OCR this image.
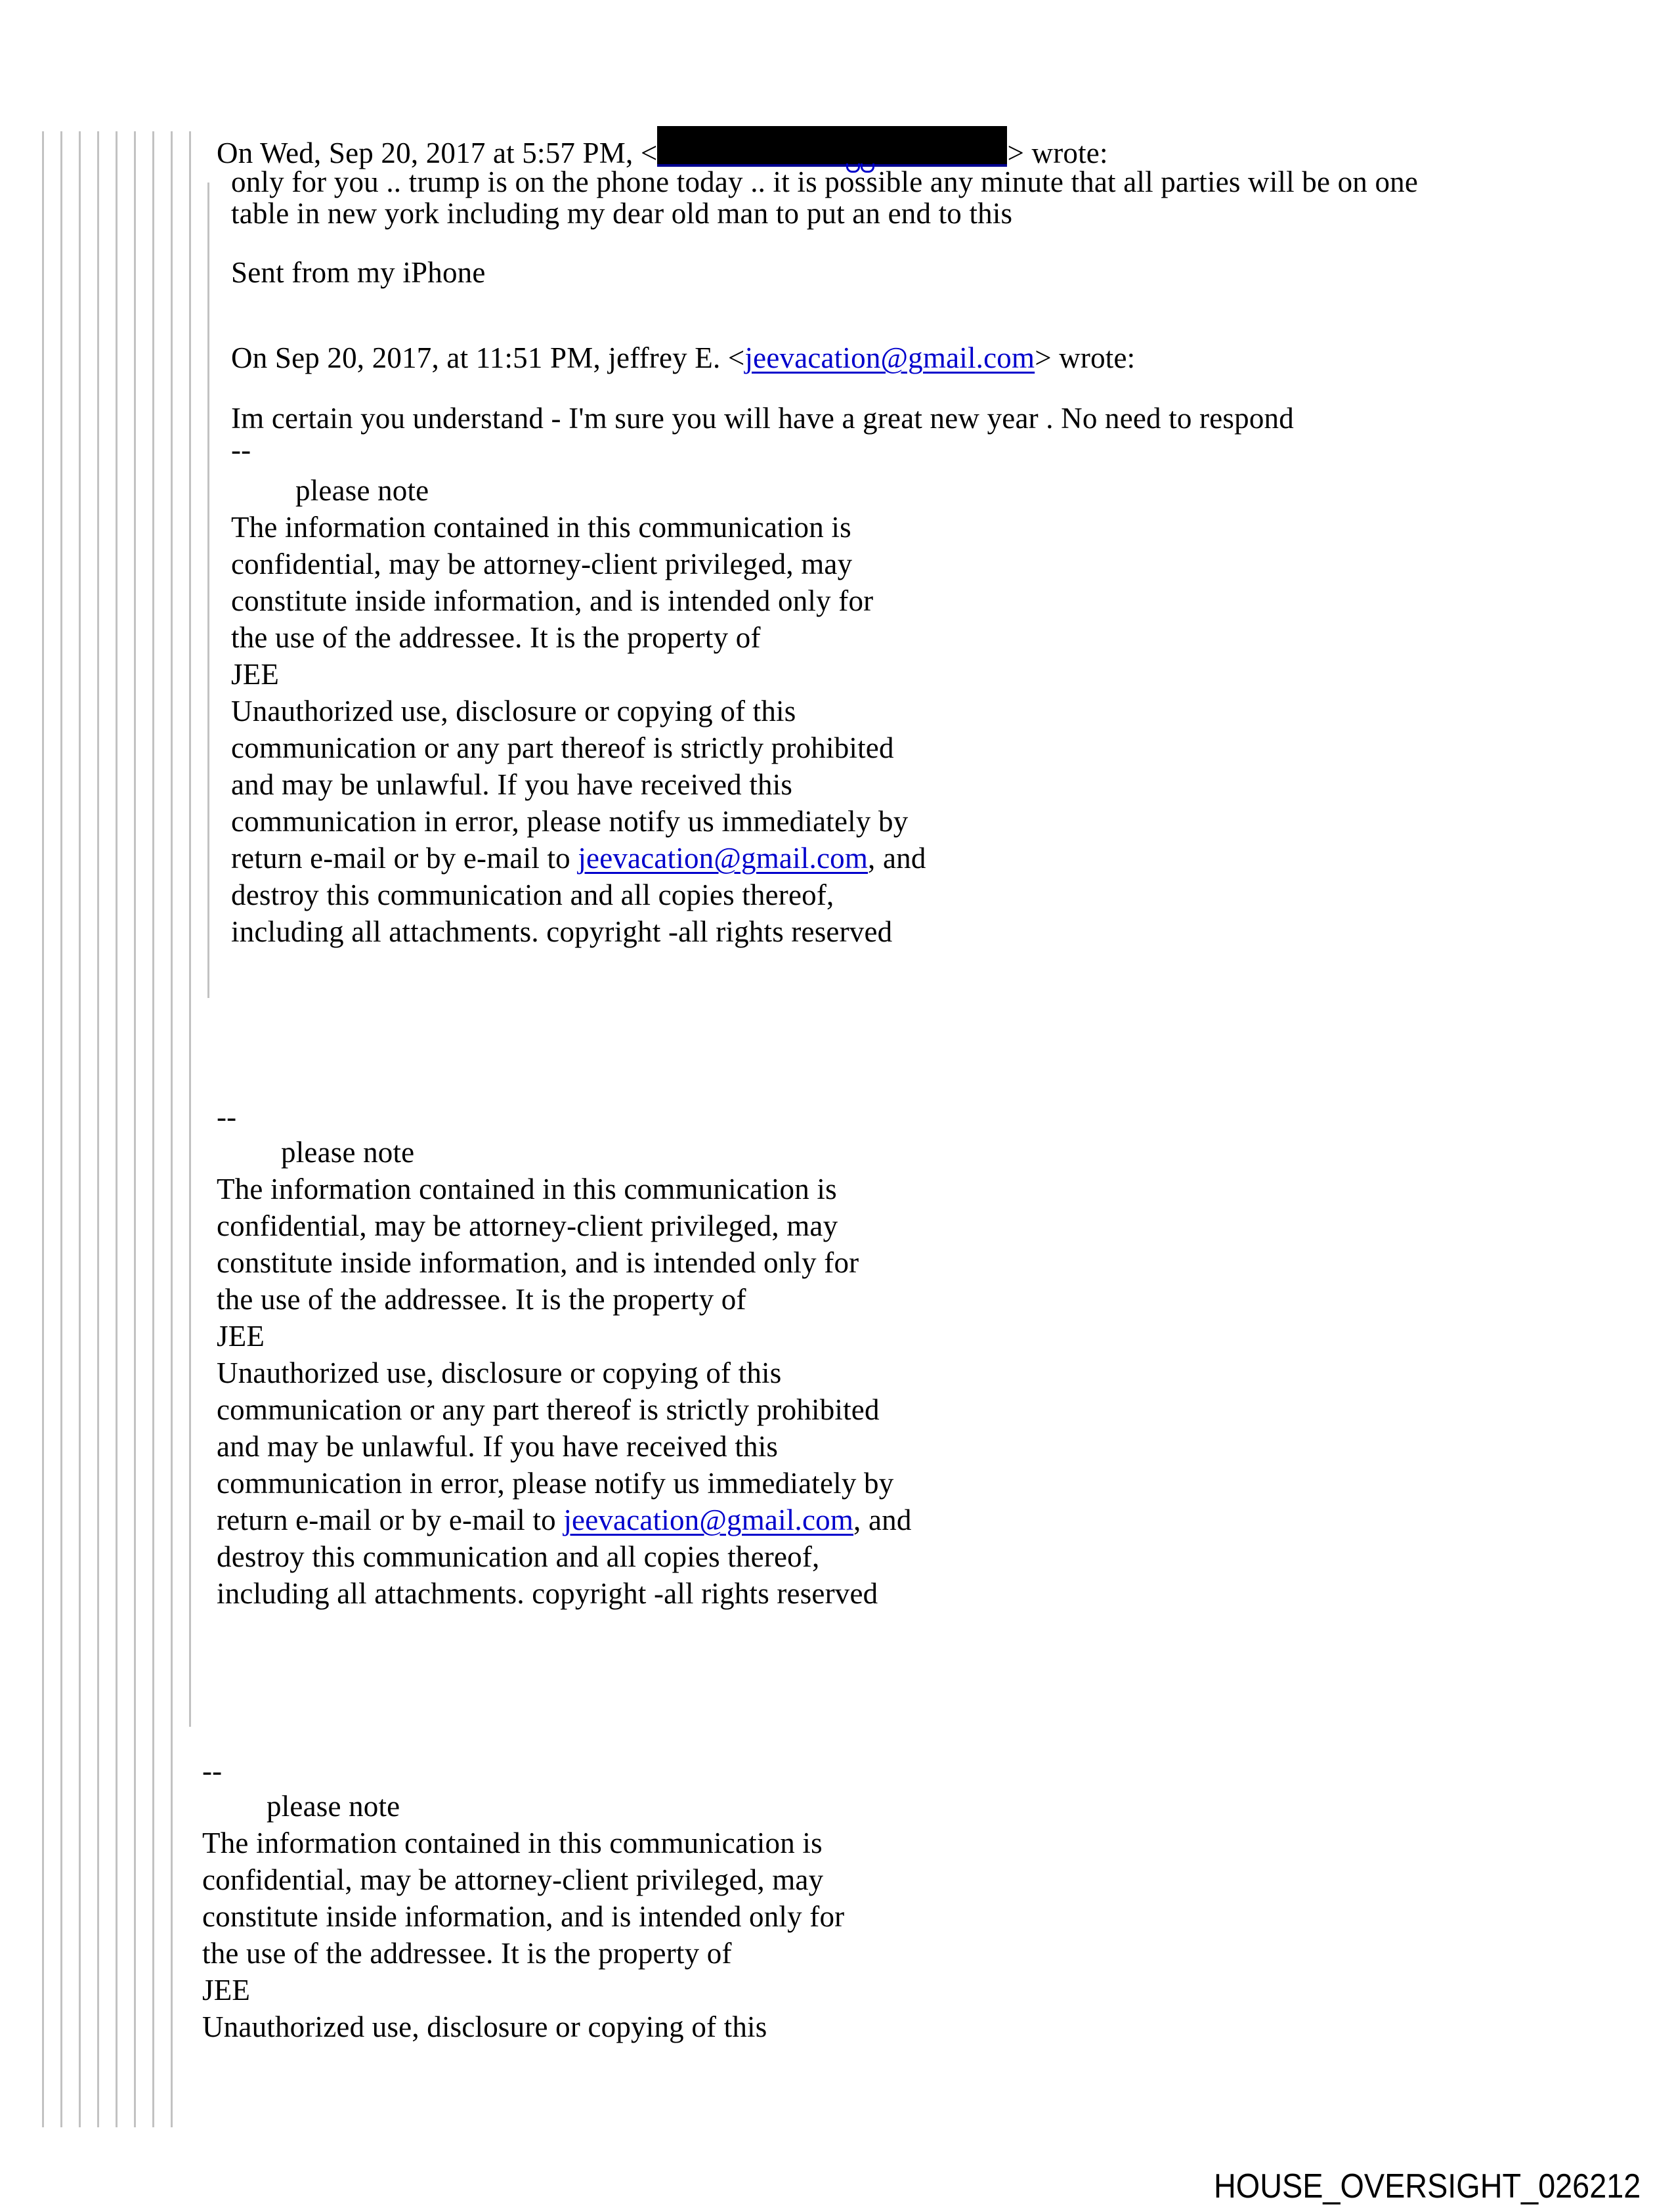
On Wed, Sep 20, 2017 at 5:57 PM, <	> wrote:
only for you .. trump is on the phone today .. it is possible any minute that all parties will be on one
table in new york including my dear old man to put an end to this
Sent from my iPhone
On Sep 20, 2017, at 11:51 PM, jeffrey E. <jeevacation@gmail.com> wrote:
Im certain you understand - I'm sure you will have a great new year . No need to respond
--
please note
The information contained in this communication is
confidential, may be attorney-client privileged, may
constitute inside information, and is intended only for
the use of the addressee. It is the property of
JEE
Unauthorized use, disclosure or copying of this
communication or any part thereof is strictly prohibited
and may be unlawful. If you have received this
communication in error, please notify us immediately by
return e-mail or by e-mail to jeevacation@gmail.com, and
destroy this communication and all copies thereof,
including all attachments. copyright -all rights reserved
--
please note
The information contained in this communication is
confidential, may be attorney-client privileged, may
constitute inside information, and is intended only for
the use of the addressee. It is the property of
JEE
Unauthorized use, disclosure or copying of this
communication or any part thereof is strictly prohibited
and may be unlawful. If you have received this
communication in error, please notify us immediately by
return e-mail or by e-mail to jeevacation@gmail.com, and
destroy this communication and all copies thereof,
including all attachments. copyright -all rights reserved
--
please note
The information contained in this communication is
confidential, may be attorney-client privileged, may
constitute inside information, and is intended only for
the use of the addressee. It is the property of
JEE
Unauthorized use, disclosure or copying of this
HOUSE_OVERSIGHT_026212
